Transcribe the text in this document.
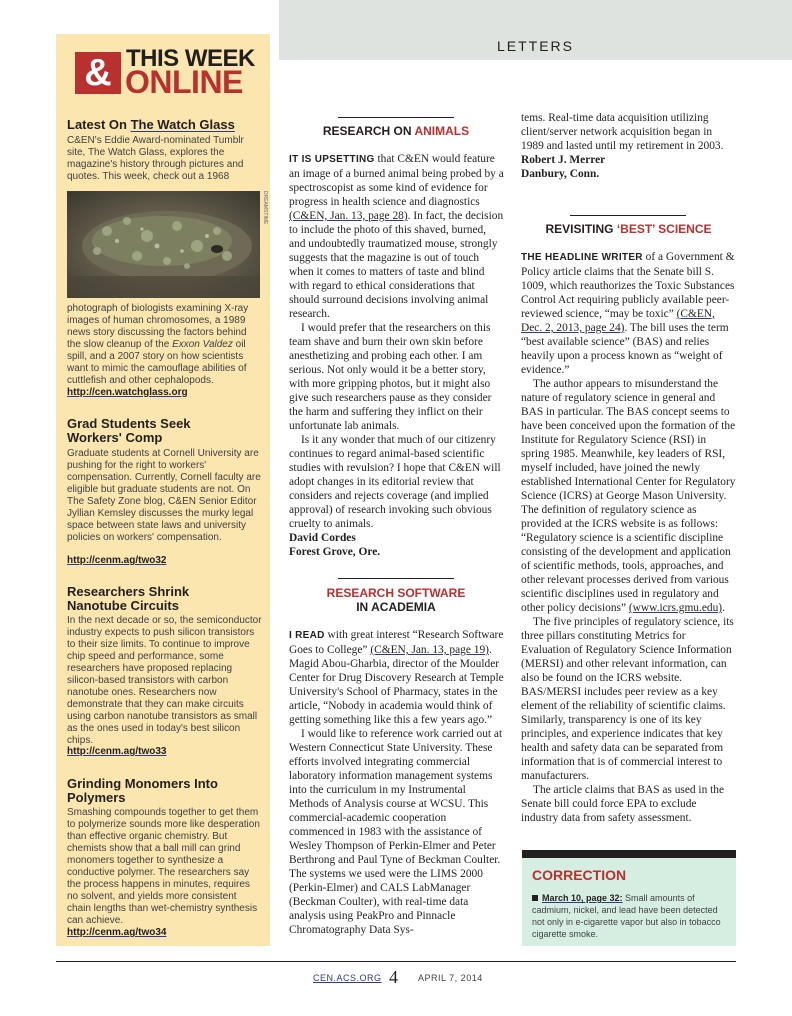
& THIS WEEK
ONLINE
Latest On The Watch Glass

C&EN's Eddie Award-nominated Tumblr site, The Watch Glass, explores the magazine's history through pictures and quotes. This week, check out a 1968

DREAMSTIME

photograph of biologists examining X-ray images of human chromosomes, a 1989 news story discussing the factors behind the slow cleanup of the Exxon Valdez oil spill, and a 2007 story on how scientists want to mimic the camouflage abilities of cuttlefish and other cephalopods.

http://cen.watchglass.org
Grad Students Seek Workers' Comp

Graduate students at Cornell University are pushing for the right to workers' compensation. Currently, Cornell faculty are eligible but graduate students are not. On The Safety Zone blog, C&EN Senior Editor Jyllian Kemsley discusses the murky legal space between state laws and university policies on workers' compensation.

http://cenm.ag/two32
Researchers Shrink Nanotube Circuits

In the next decade or so, the semiconductor industry expects to push silicon transistors to their size limits. To continue to improve chip speed and performance, some researchers have proposed replacing silicon-based transistors with carbon nanotube ones. Researchers now demonstrate that they can make circuits using carbon nanotube transistors as small as the ones used in today's best silicon chips.

http://cenm.ag/two33
Grinding Monomers Into Polymers

Smashing compounds together to get them to polymerize sounds more like desperation than effective organic chemistry. But chemists show that a ball mill can grind monomers together to synthesize a conductive polymer. The researchers say the process happens in minutes, requires no solvent, and yields more consistent chain lengths than wet-chemistry synthesis can achieve.

http://cenm.ag/two34
LETTERS
RESEARCH ON ANIMALS

IT IS UPSETTING that C&EN would feature an image of a burned animal being probed by a spectroscopist as some kind of evidence for progress in health science and diagnostics (C&EN, Jan. 13, page 28). In fact, the decision to include the photo of this shaved, burned, and undoubtedly traumatized mouse, strongly suggests that the magazine is out of touch when it comes to matters of taste and blind with regard to ethical considerations that should surround decisions involving animal research.

I would prefer that the researchers on this team shave and burn their own skin before anesthetizing and probing each other. I am serious. Not only would it be a better story, with more gripping photos, but it might also give such researchers pause as they consider the harm and suffering they inflict on their unfortunate lab animals.

Is it any wonder that much of our citizenry continues to regard animal-based scientific studies with revulsion? I hope that C&EN will adopt changes in its editorial review that considers and rejects coverage (and implied approval) of research invoking such obvious cruelty to animals.

David Cordes

Forest Grove, Ore.

RESEARCH SOFTWARE
IN ACADEMIA

I READ with great interest “Research Software Goes to College” (C&EN, Jan. 13, page 19). Magid Abou-Gharbia, director of the Moulder Center for Drug Discovery Research at Temple University's School of Pharmacy, states in the article, “Nobody in academia would think of getting something like this a few years ago.”

I would like to reference work carried out at Western Connecticut State University. These efforts involved integrating commercial laboratory information management systems into the curriculum in my Instrumental Methods of Analysis course at WCSU. This commercial-academic cooperation commenced in 1983 with the assistance of Wesley Thompson of Perkin-Elmer and Peter Berthrong and Paul Tyne of Beckman Coulter. The systems we used were the LIMS 2000 (Perkin-Elmer) and CALS LabManager (Beckman Coulter), with real-time data analysis using PeakPro and Pinnacle Chromatography Data Sys-

tems. Real-time data acquisition utilizing client/server network acquisition began in 1989 and lasted until my retirement in 2003.

Robert J. Merrer

Danbury, Conn.

REVISITING ‘BEST’ SCIENCE

THE HEADLINE WRITER of a Government & Policy article claims that the Senate bill S. 1009, which reauthorizes the Toxic Substances Control Act requiring publicly available peer-reviewed science, “may be toxic” (C&EN, Dec. 2, 2013, page 24). The bill uses the term “best available science” (BAS) and relies heavily upon a process known as “weight of evidence.”

The author appears to misunderstand the nature of regulatory science in general and BAS in particular. The BAS concept seems to have been conceived upon the formation of the Institute for Regulatory Science (RSI) in spring 1985. Meanwhile, key leaders of RSI, myself included, have joined the newly established International Center for Regulatory Science (ICRS) at George Mason University. The definition of regulatory science as provided at the ICRS website is as follows: “Regulatory science is a scientific discipline consisting of the development and application of scientific methods, tools, approaches, and other relevant processes derived from various scientific disciplines used in regulatory and other policy decisions” (www.icrs.gmu.edu).

The five principles of regulatory science, its three pillars constituting Metrics for Evaluation of Regulatory Science Information (MERSI) and other relevant information, can also be found on the ICRS website. BAS/MERSI includes peer review as a key element of the reliability of scientific claims. Similarly, transparency is one of its key principles, and experience indicates that key health and safety data can be separated from information that is of commercial interest to manufacturers.

The article claims that BAS as used in the Senate bill could force EPA to exclude industry data from safety assessment.

CORRECTION
March 10, page 32: Small amounts of cadmium, nickel, and lead have been detected not only in e-cigarette vapor but also in tobacco cigarette smoke.
CEN.ACS.ORG 4 APRIL 7, 2014
